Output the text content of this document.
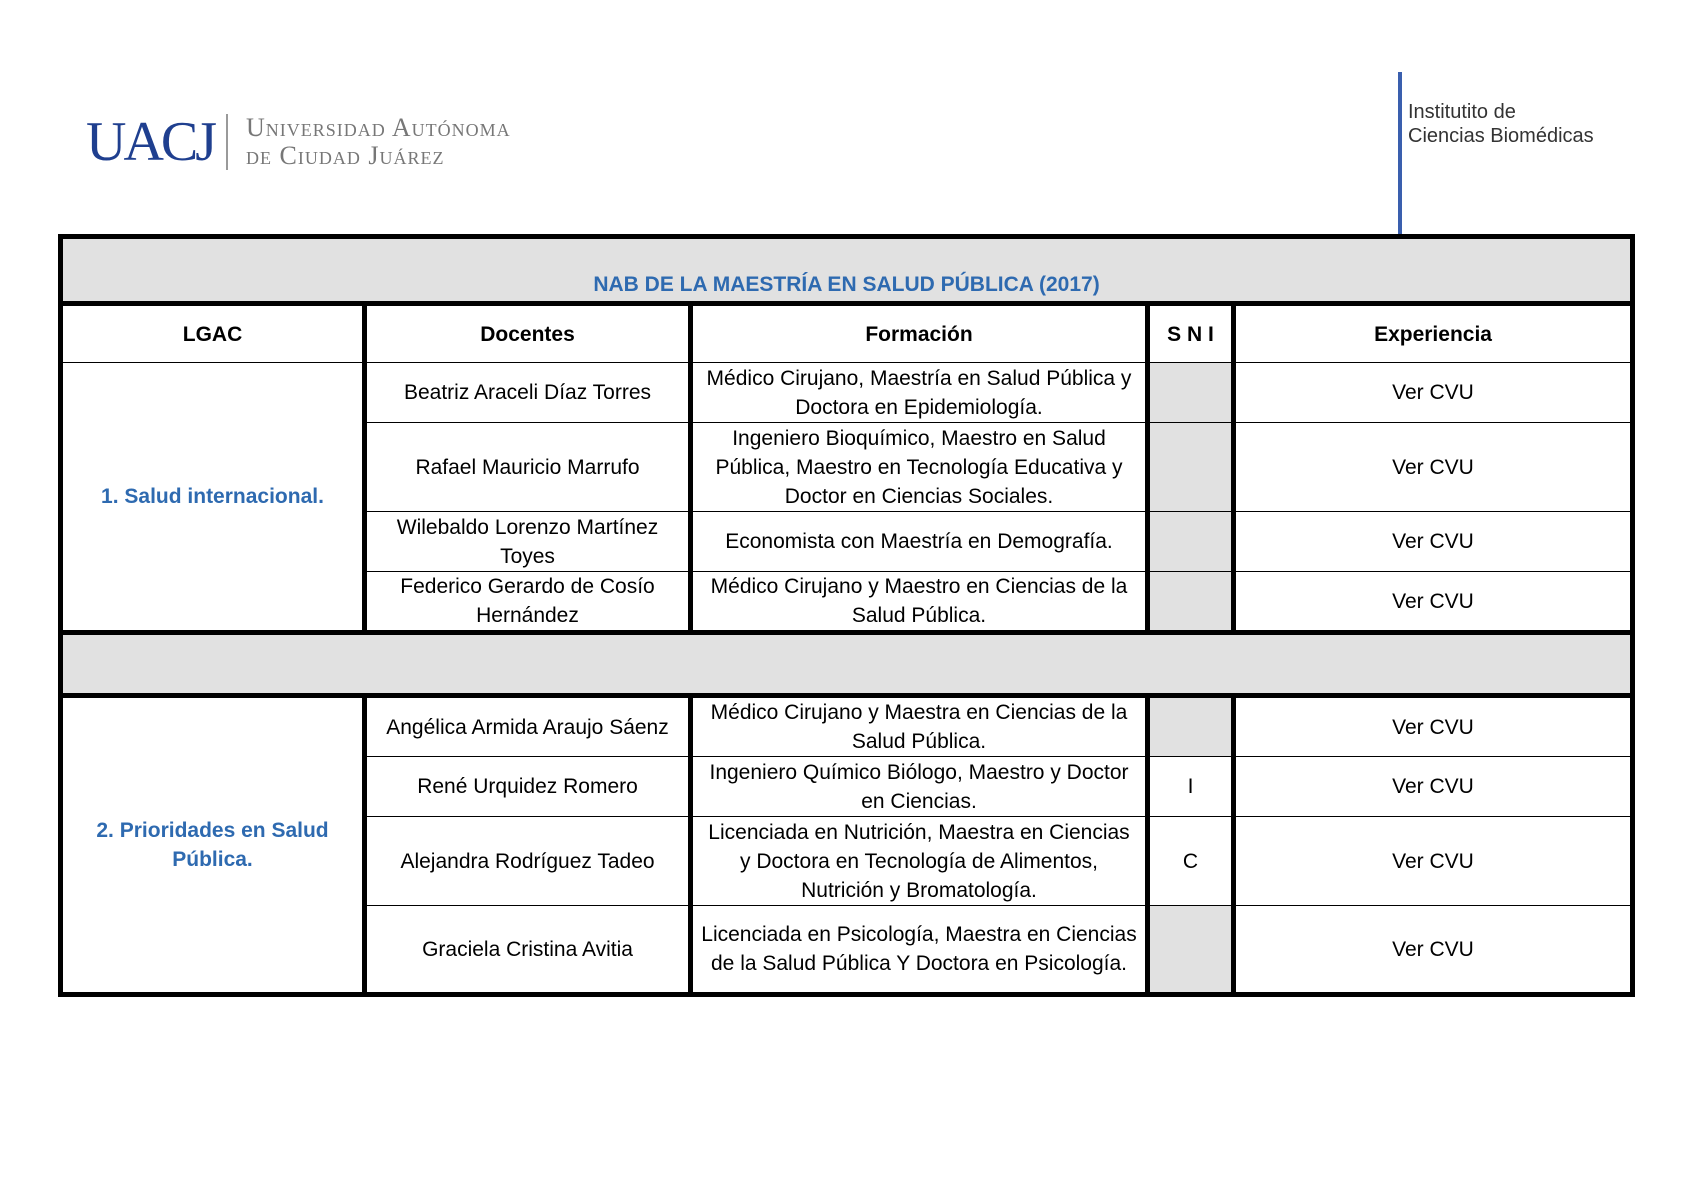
UACJ Universidad Autónoma
de Ciudad Juárez
Institutito de
Ciencias Biomédicas
NAB DE LA MAESTRÍA EN SALUD PÚBLICA (2017)				
LGAC	Docentes	Formación	S N I	Experiencia
1. Salud internacional.	Beatriz Araceli Díaz Torres	Médico Cirujano, Maestría en Salud Pública y Doctora en Epidemiología.		Ver CVU
	Rafael Mauricio Marrufo	Ingeniero Bioquímico, Maestro en Salud Pública, Maestro en Tecnología Educativa y Doctor en Ciencias Sociales.		Ver CVU
	Wilebaldo Lorenzo Martínez Toyes	Economista con Maestría en Demografía.		Ver CVU
	Federico Gerardo de Cosío Hernández	Médico Cirujano y Maestro en Ciencias de la Salud Pública.		Ver CVU

2. Prioridades en Salud Pública.	Angélica Armida Araujo Sáenz	Médico Cirujano y Maestra en Ciencias de la Salud Pública.		Ver CVU
	René Urquidez Romero	Ingeniero Químico Biólogo, Maestro y Doctor en Ciencias.	I	Ver CVU
	Alejandra Rodríguez Tadeo	Licenciada en Nutrición, Maestra en Ciencias y Doctora en Tecnología de Alimentos, Nutrición y Bromatología.	C	Ver CVU
	Graciela Cristina Avitia	Licenciada en Psicología, Maestra en Ciencias de la Salud Pública Y Doctora en Psicología.		Ver CVU
